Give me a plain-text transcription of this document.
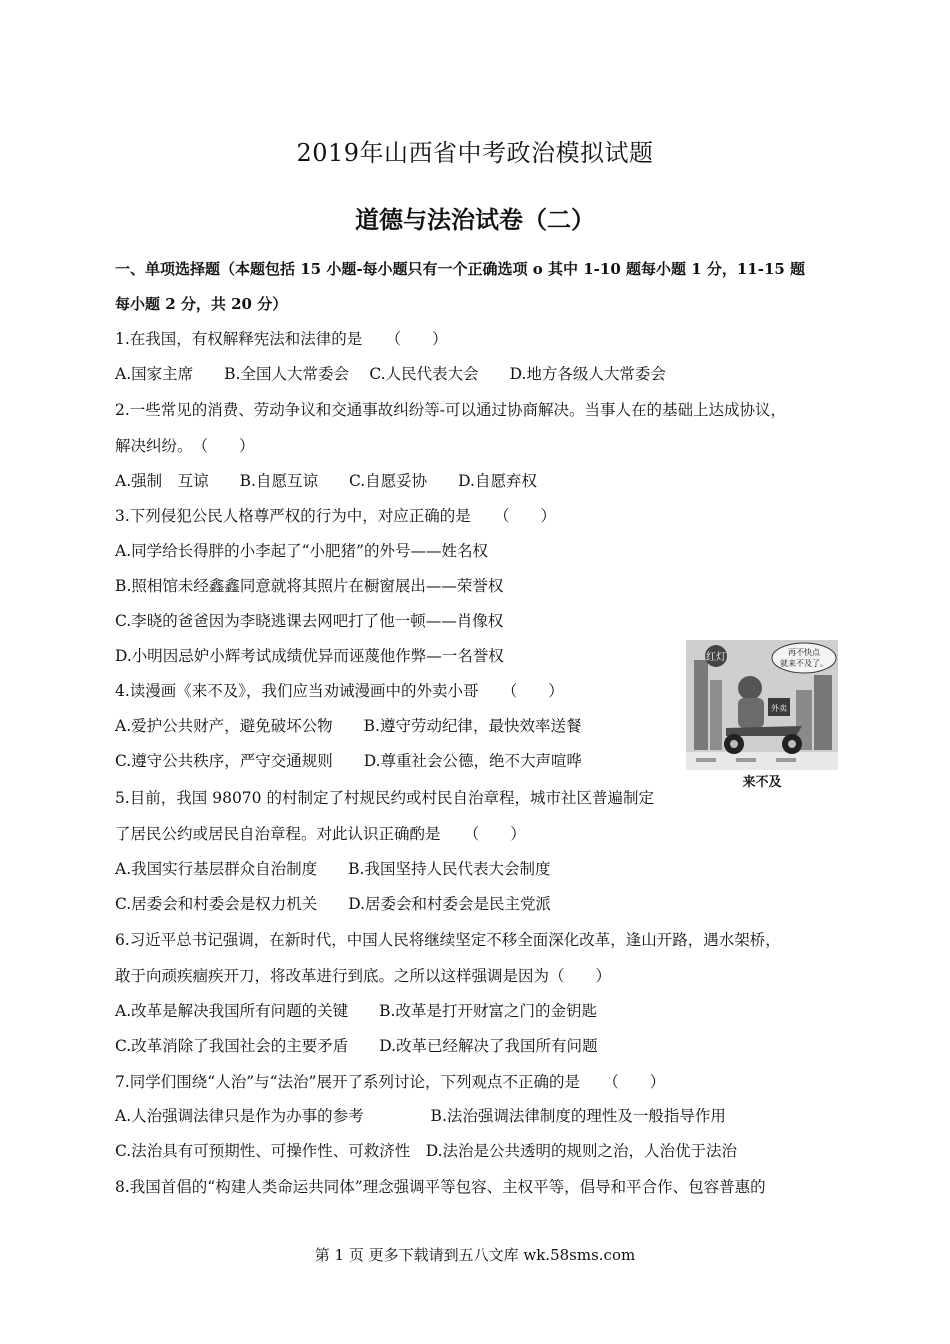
2019年山西省中考政治模拟试题
道德与法治试卷（二）
一、单项选择题（本题包括 15 小题-每小题只有一个正确选项 o 其中 1-10 题每小题 1 分，11-15 题
每小题 2 分，共 20 分）
1.在我国，有权解释宪法和法律的是　　（　　）
A.国家主席　　B.全国人大常委会　 C.人民代表大会　　D.地方各级人大常委会
2.一些常见的消费、劳动争议和交通事故纠纷等-可以通过协商解决。当事人在的基础上达成协议，
解决纠纷。　（　　）
A.强制　互谅　　B.自愿互谅　　C.自愿妥协　　D.自愿弃权
3.下列侵犯公民人格尊严权的行为中，对应正确的是　　（　　）
A.同学给长得胖的小李起了“小肥猪”的外号——姓名权
B.照相馆未经鑫鑫同意就将其照片在橱窗展出——荣誉权
C.李晓的爸爸因为李晓逃课去网吧打了他一顿——肖像权
D.小明因忌妒小辉考试成绩优异而诬蔑他作弊—一名誉权
4.读漫画《来不及》，我们应当劝诫漫画中的外卖小哥　　（　　）
A.爱护公共财产，避免破坏公物　　B.遵守劳动纪律，最快效率送餐
C.遵守公共秩序，严守交通规则　　D.尊重社会公德，绝不大声喧哗
5.目前，我国 98070 的村制定了村规民约或村民自治章程，城市社区普遍制定
了居民公约或居民自治章程。对此认识正确酌是　　（　　）
A.我国实行基层群众自治制度　　B.我国坚持人民代表大会制度
C.居委会和村委会是权力机关　　D.居委会和村委会是民主党派
6.习近平总书记强调，在新时代，中国人民将继续坚定不移全面深化改革，逢山开路，遇水架桥，
敢于向顽疾痼疾开刀，将改革进行到底。之所以这样强调是因为（　　）
A.改革是解决我国所有问题的关键　　B.改革是打开财富之门的金钥匙
C.改革消除了我国社会的主要矛盾　　D.改革已经解决了我国所有问题
7.同学们围绕“人治”与“法治”展开了系列讨论，下列观点不正确的是　　（　　）
A.人治强调法律只是作为办事的参考　　　　 B.法治强调法律制度的理性及一般指导作用
C.法治具有可预期性、可操作性、可救济性　D.法治是公共透明的规则之治，人治优于法治
8.我国首倡的“构建人类命运共同体”理念强调平等包容、主权平等，倡导和平合作、包容普惠的
红灯	再不快点
就来不及了。
外卖
来不及
第 1 页 更多下载请到五八文库 wk.58sms.com
